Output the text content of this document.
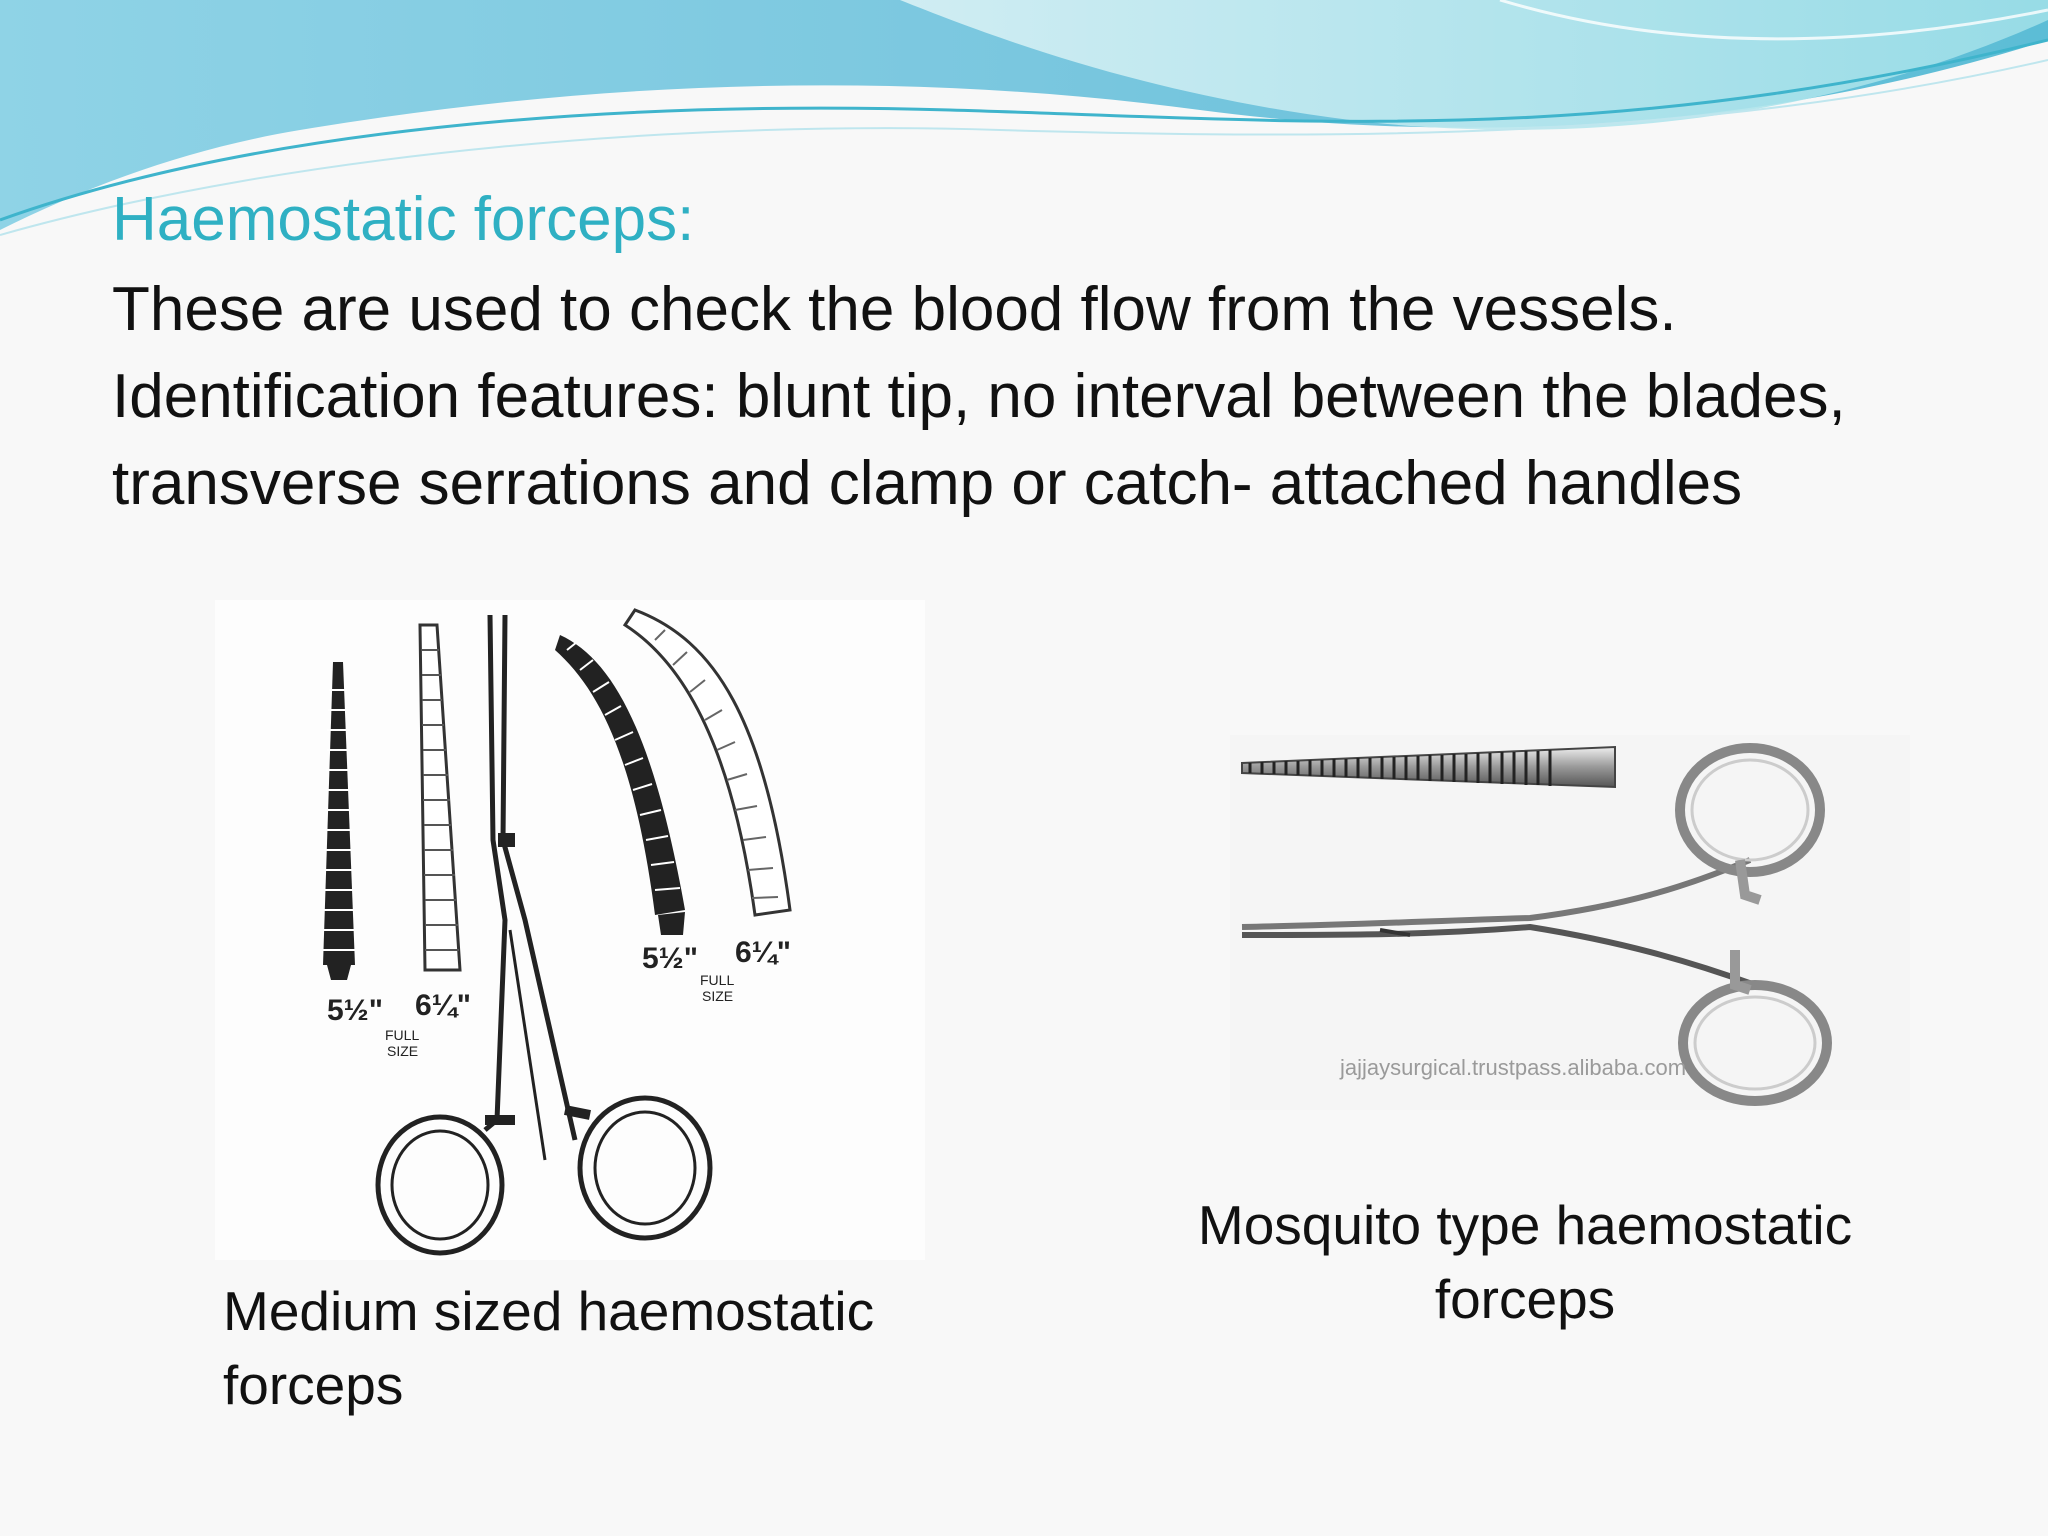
Haemostatic forceps:

These are used to check the blood flow from the vessels.

Identification features: blunt tip, no interval between the blades, transverse serrations and clamp or catch- attached handles

5½" 6¼"
FULL
SIZE
5½" 6¼"
FULL
SIZE
jajjaysurgical.trustpass.alibaba.com
Medium sized haemostatic forceps
Mosquito type haemostatic forceps
